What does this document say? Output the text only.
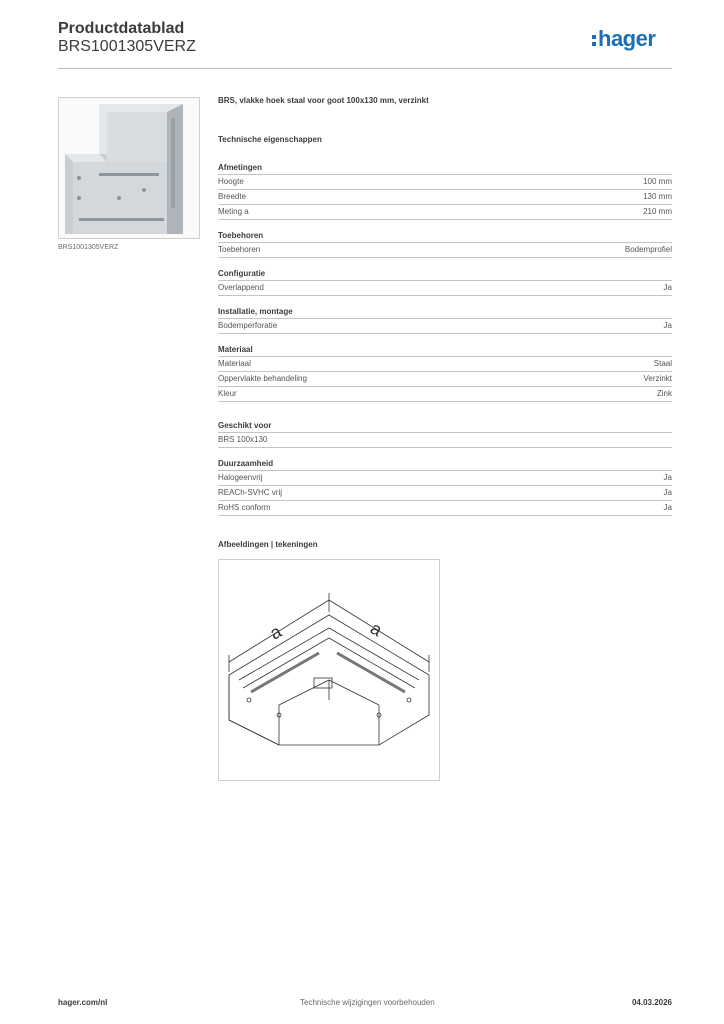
Productdatablad
BRS1001305VERZ	hager
BRS1001305VERZ
BRS, vlakke hoek staal voor goot 100x130 mm, verzinkt
Technische eigenschappen
Afmetingen
Hoogte	100 mm
Breedte	130 mm
Meting a	210 mm
Toebehoren
Toebehoren	Bodemprofiel
Configuratie
Overlappend	Ja
Installatie, montage
Bodemperforatie	Ja
Materiaal
Materiaal	Staal
Oppervlakte behandeling	Verzinkt
Kleur	Zink
Geschikt voor
BRS 100x130
Duurzaamheid
Halogeenvrij	Ja
REACh-SVHC vrij	Ja
RoHS conform	Ja
Afbeeldingen | tekeningen
a	a
hager.com/nl	Technische wijzigingen voorbehouden	04.03.2026
